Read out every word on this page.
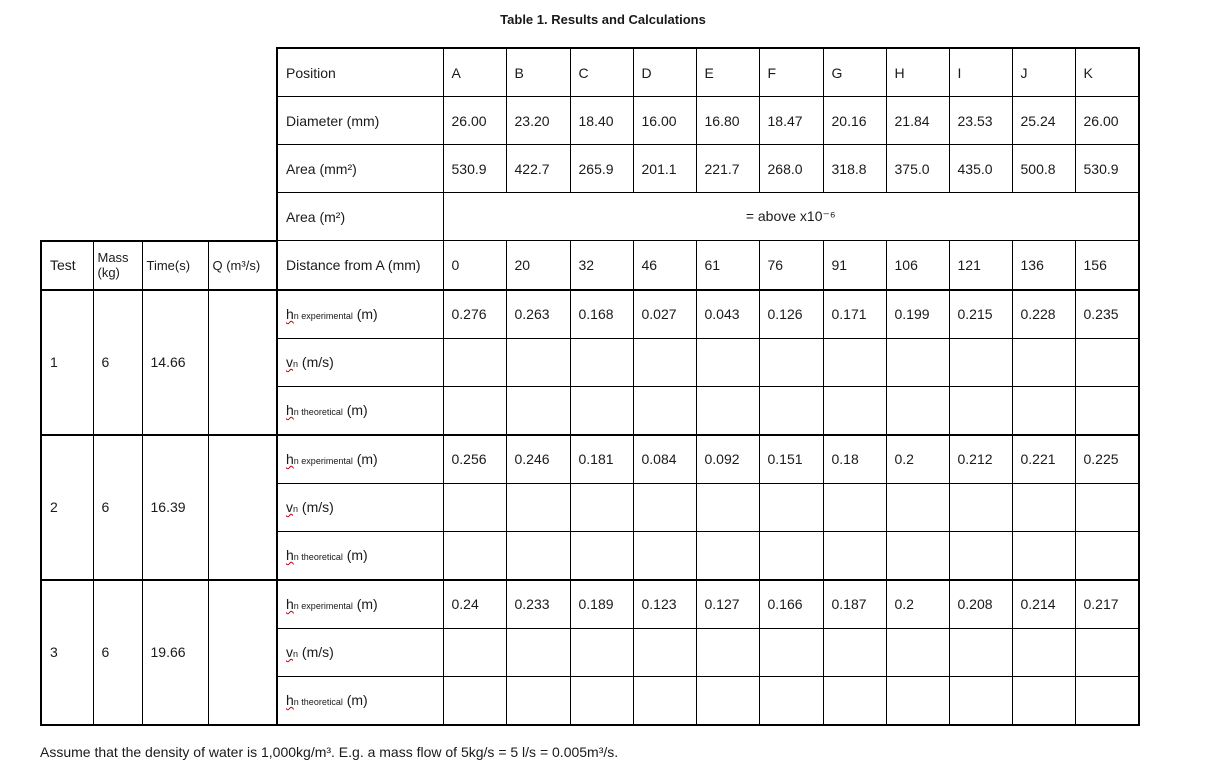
Table 1. Results and Calculations
				Position	A	B	C	D	E	F	G	H	I	J	K
				Diameter (mm)	26.00	23.20	18.40	16.00	16.80	18.47	20.16	21.84	23.53	25.24	26.00
				Area (mm²)	530.9	422.7	265.9	201.1	221.7	268.0	318.8	375.0	435.0	500.8	530.9
				Area (m²)	= above x10⁻⁶										
Test	Mass (kg)	Time(s)	Q (m³/s)	Distance from A (mm)	0	20	32	46	61	76	91	106	121	136	156
1	6	14.66		hn experimental (m)	0.276	0.263	0.168	0.027	0.043	0.126	0.171	0.199	0.215	0.228	0.235
				vn (m/s)											
				hn theoretical (m)											
2	6	16.39		hn experimental (m)	0.256	0.246	0.181	0.084	0.092	0.151	0.18	0.2	0.212	0.221	0.225
				vn (m/s)											
				hn theoretical (m)											
3	6	19.66		hn experimental (m)	0.24	0.233	0.189	0.123	0.127	0.166	0.187	0.2	0.208	0.214	0.217
				vn (m/s)											
				hn theoretical (m)											
Assume that the density of water is 1,000kg/m³. E.g. a mass flow of 5kg/s = 5 l/s = 0.005m³/s.
